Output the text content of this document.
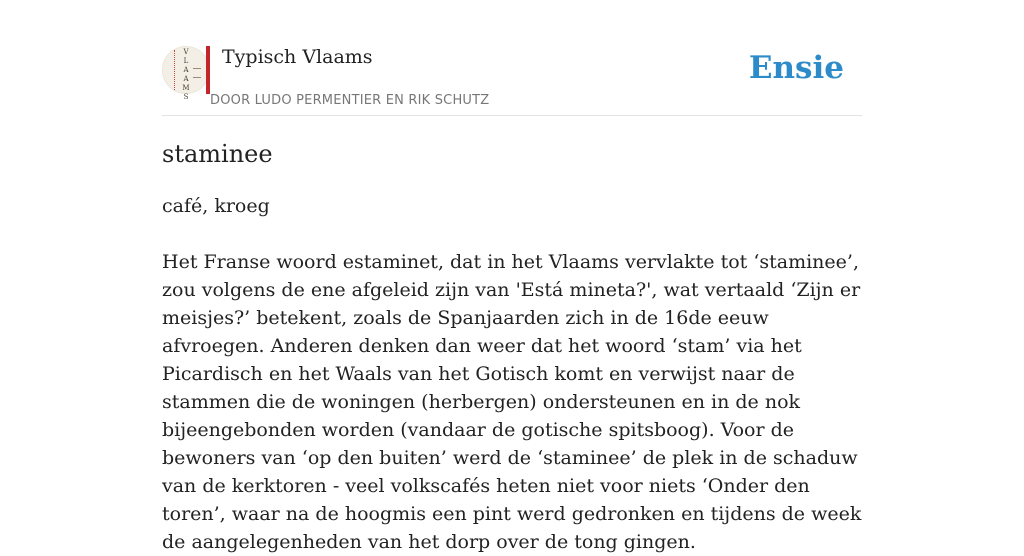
V
L
A
A
M
S
Typisch Vlaams
DOOR LUDO PERMENTIER EN RIK SCHUTZ
Ensie
staminee

café, kroeg

Het Franse woord estaminet, dat in het Vlaams vervlakte tot ‘staminee’, zou volgens de ene afgeleid zijn van 'Está mineta?', wat vertaald ‘Zijn er meisjes?’ betekent, zoals de Spanjaarden zich in de 16de eeuw afvroegen. Anderen denken dan weer dat het woord ‘stam’ via het Picardisch en het Waals van het Gotisch komt en verwijst naar de stammen die de woningen (herbergen) ondersteunen en in de nok bijeengebonden worden (vandaar de gotische spitsboog). Voor de bewoners van ‘op den buiten’ werd de ‘staminee’ de plek in de schaduw van de kerktoren - veel volkscafés heten niet voor niets ‘Onder den toren’, waar na de hoogmis een pint werd gedronken en tijdens de week de aangelegenheden van het dorp over de tong gingen.
